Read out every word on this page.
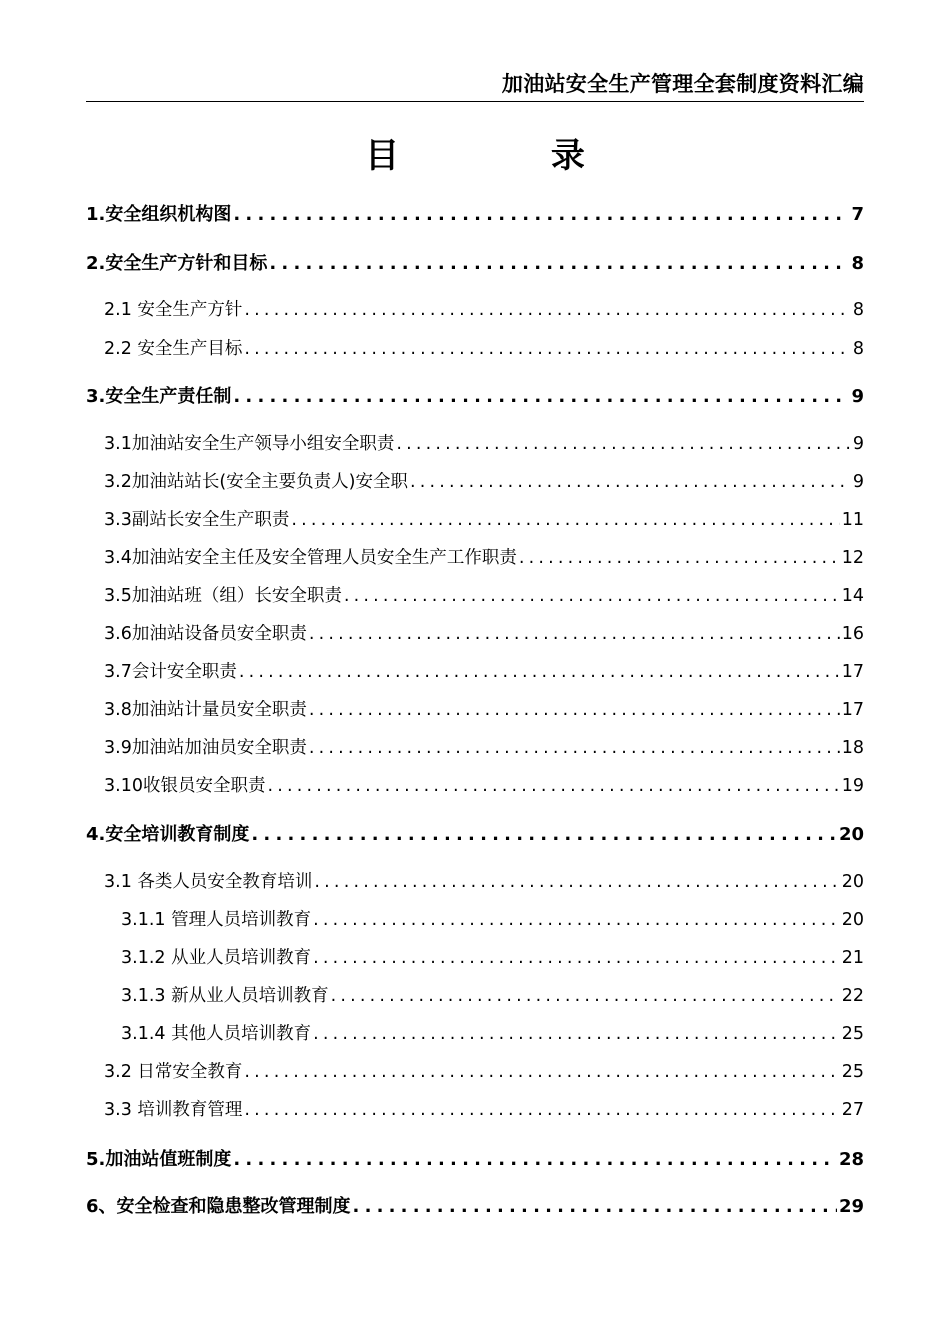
加油站安全生产管理全套制度资料汇编
目 录
1.安全组织机构图 .....	7
2.安全生产方针和目标 .....	8
2.1 安全生产方针 .....	8
2.2 安全生产目标 .....	8
3.安全生产责任制 .....	9
3.1加油站安全生产领导小组安全职责 .....	9
3.2加油站站长(安全主要负责人)安全职 .....	9
3.3副站长安全生产职责 .....	11
3.4加油站安全主任及安全管理人员安全生产工作职责 .....	12
3.5加油站班（组）长安全职责 .....	14
3.6加油站设备员安全职责 .....	16
3.7会计安全职责 .....	17
3.8加油站计量员安全职责 .....	17
3.9加油站加油员安全职责 .....	18
3.10收银员安全职责 .....	19
4.安全培训教育制度 .....	20
3.1 各类人员安全教育培训 .....	20
3.1.1 管理人员培训教育 .....	20
3.1.2 从业人员培训教育 .....	21
3.1.3 新从业人员培训教育 .....	22
3.1.4 其他人员培训教育 .....	25
3.2 日常安全教育 .....	25
3.3 培训教育管理 .....	27
5.加油站值班制度 .....	28
6、安全检查和隐患整改管理制度 .....	29
